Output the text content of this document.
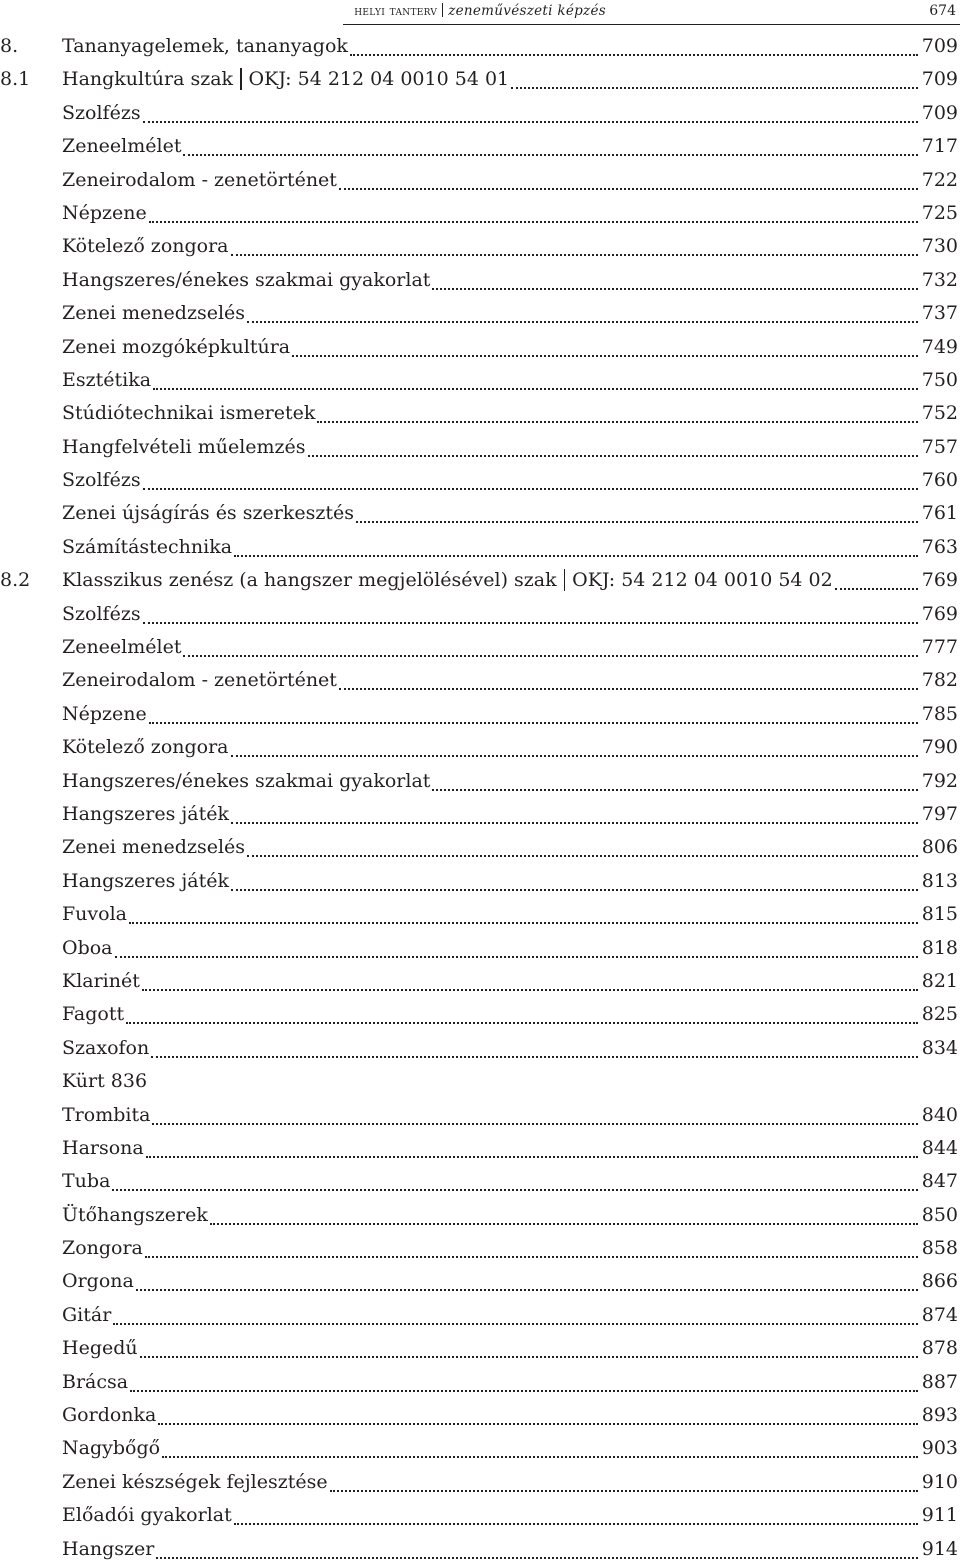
helyi tanterv zeneművészeti képzés	674
8. Tananyagelemek, tananyagok	709
8.1 Hangkultúra szak OKJ: 54 212 04 0010 54 01	709
Szolfézs	709
Zeneelmélet	717
Zeneirodalom - zenetörténet	722
Népzene	725
Kötelező zongora	730
Hangszeres/énekes szakmai gyakorlat	732
Zenei menedzselés	737
Zenei mozgóképkultúra	749
Esztétika	750
Stúdiótechnikai ismeretek	752
Hangfelvételi műelemzés	757
Szolfézs	760
Zenei újságírás és szerkesztés	761
Számítástechnika	763
8.2 Klasszikus zenész (a hangszer megjelölésével) szak OKJ: 54 212 04 0010 54 02	769
Szolfézs	769
Zeneelmélet	777
Zeneirodalom - zenetörténet	782
Népzene	785
Kötelező zongora	790
Hangszeres/énekes szakmai gyakorlat	792
Hangszeres játék	797
Zenei menedzselés	806
Hangszeres játék	813
Fuvola	815
Oboa	818
Klarinét	821
Fagott	825
Szaxofon	834
Kürt 836
Trombita	840
Harsona	844
Tuba	847
Ütőhangszerek	850
Zongora	858
Orgona	866
Gitár	874
Hegedű	878
Brácsa	887
Gordonka	893
Nagybőgő	903
Zenei készségek fejlesztése	910
Előadói gyakorlat	911
Hangszer	914
